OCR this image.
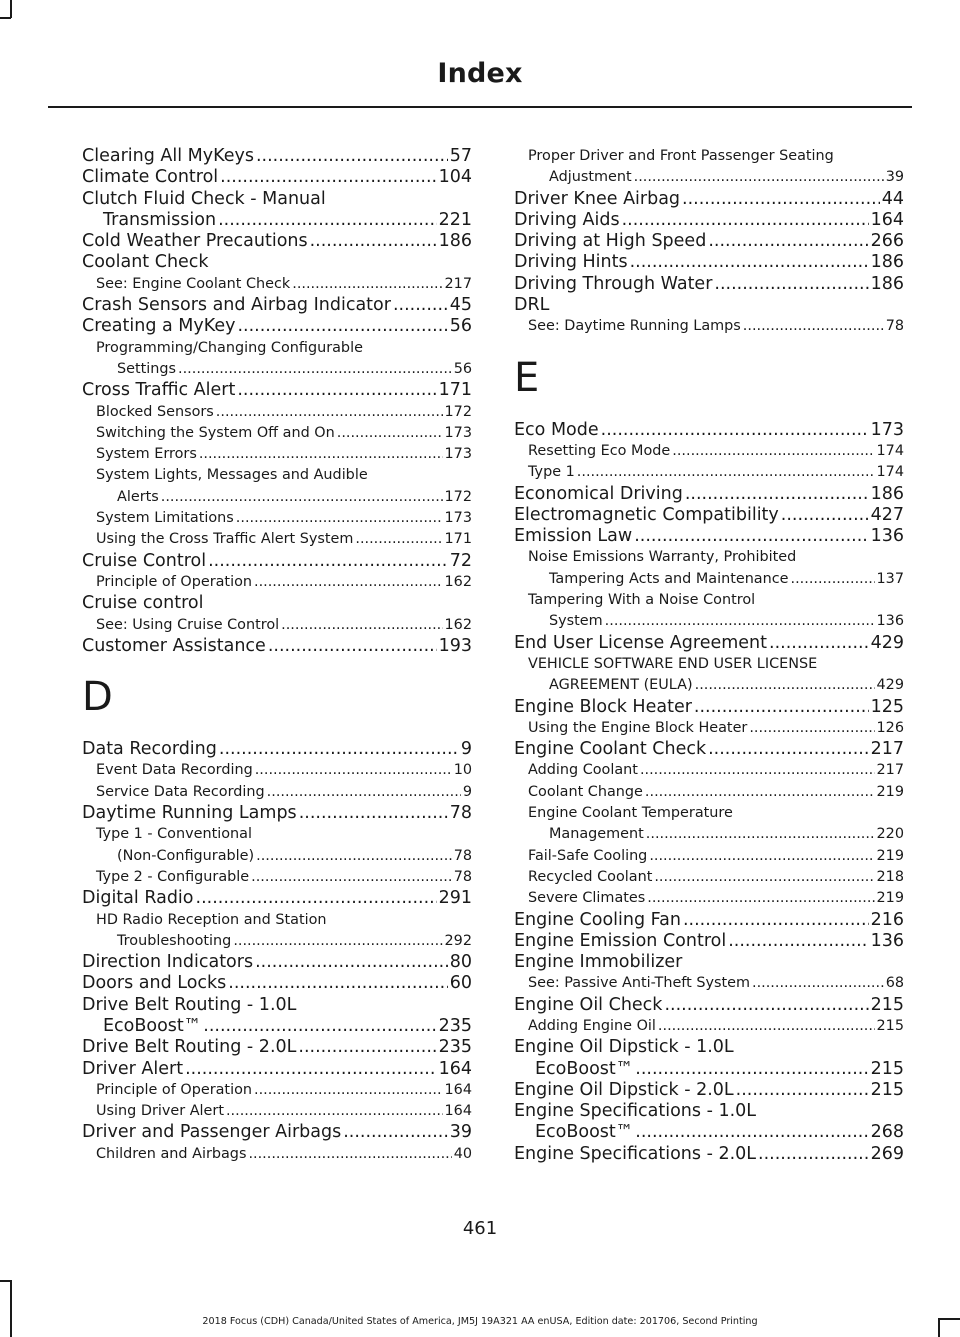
Index
Clearing All MyKeys .....	57
Climate Control .....	104
Clutch Fluid Check - Manual
Transmission .....	221
Cold Weather Precautions .....	186
Coolant Check
See: Engine Coolant Check .....	217
Crash Sensors and Airbag Indicator .....	45
Creating a MyKey .....	56
Programming/Changing Configurable
Settings .....	56
Cross Traffic Alert .....	171
Blocked Sensors .....	172
Switching the System Off and On .....	173
System Errors .....	173
System Lights, Messages and Audible
Alerts .....	172
System Limitations .....	173
Using the Cross Traffic Alert System .....	171
Cruise Control .....	72
Principle of Operation .....	162
Cruise control
See: Using Cruise Control .....	162
Customer Assistance .....	193
D
Data Recording .....	9
Event Data Recording .....	10
Service Data Recording .....	9
Daytime Running Lamps .....	78
Type 1 - Conventional
(Non-Configurable) .....	78
Type 2 - Configurable .....	78
Digital Radio .....	291
HD Radio Reception and Station
Troubleshooting .....	292
Direction Indicators .....	80
Doors and Locks .....	60
Drive Belt Routing - 1.0L
EcoBoost™ .....	235
Drive Belt Routing - 2.0L .....	235
Driver Alert .....	164
Principle of Operation .....	164
Using Driver Alert .....	164
Driver and Passenger Airbags .....	39
Children and Airbags .....	40
Proper Driver and Front Passenger Seating
Adjustment .....	39
Driver Knee Airbag .....	44
Driving Aids .....	164
Driving at High Speed .....	266
Driving Hints .....	186
Driving Through Water .....	186
DRL
See: Daytime Running Lamps .....	78
E
Eco Mode .....	173
Resetting Eco Mode .....	174
Type 1 .....	174
Economical Driving .....	186
Electromagnetic Compatibility .....	427
Emission Law .....	136
Noise Emissions Warranty, Prohibited
Tampering Acts and Maintenance .....	137
Tampering With a Noise Control
System .....	136
End User License Agreement .....	429
VEHICLE SOFTWARE END USER LICENSE
AGREEMENT (EULA) .....	429
Engine Block Heater .....	125
Using the Engine Block Heater .....	126
Engine Coolant Check .....	217
Adding Coolant .....	217
Coolant Change .....	219
Engine Coolant Temperature
Management .....	220
Fail-Safe Cooling .....	219
Recycled Coolant .....	218
Severe Climates .....	219
Engine Cooling Fan .....	216
Engine Emission Control .....	136
Engine Immobilizer
See: Passive Anti-Theft System .....	68
Engine Oil Check .....	215
Adding Engine Oil .....	215
Engine Oil Dipstick - 1.0L
EcoBoost™ .....	215
Engine Oil Dipstick - 2.0L .....	215
Engine Specifications - 1.0L
EcoBoost™ .....	268
Engine Specifications - 2.0L .....	269
461
2018 Focus (CDH) Canada/United States of America, JM5J 19A321 AA enUSA, Edition date: 201706, Second Printing
